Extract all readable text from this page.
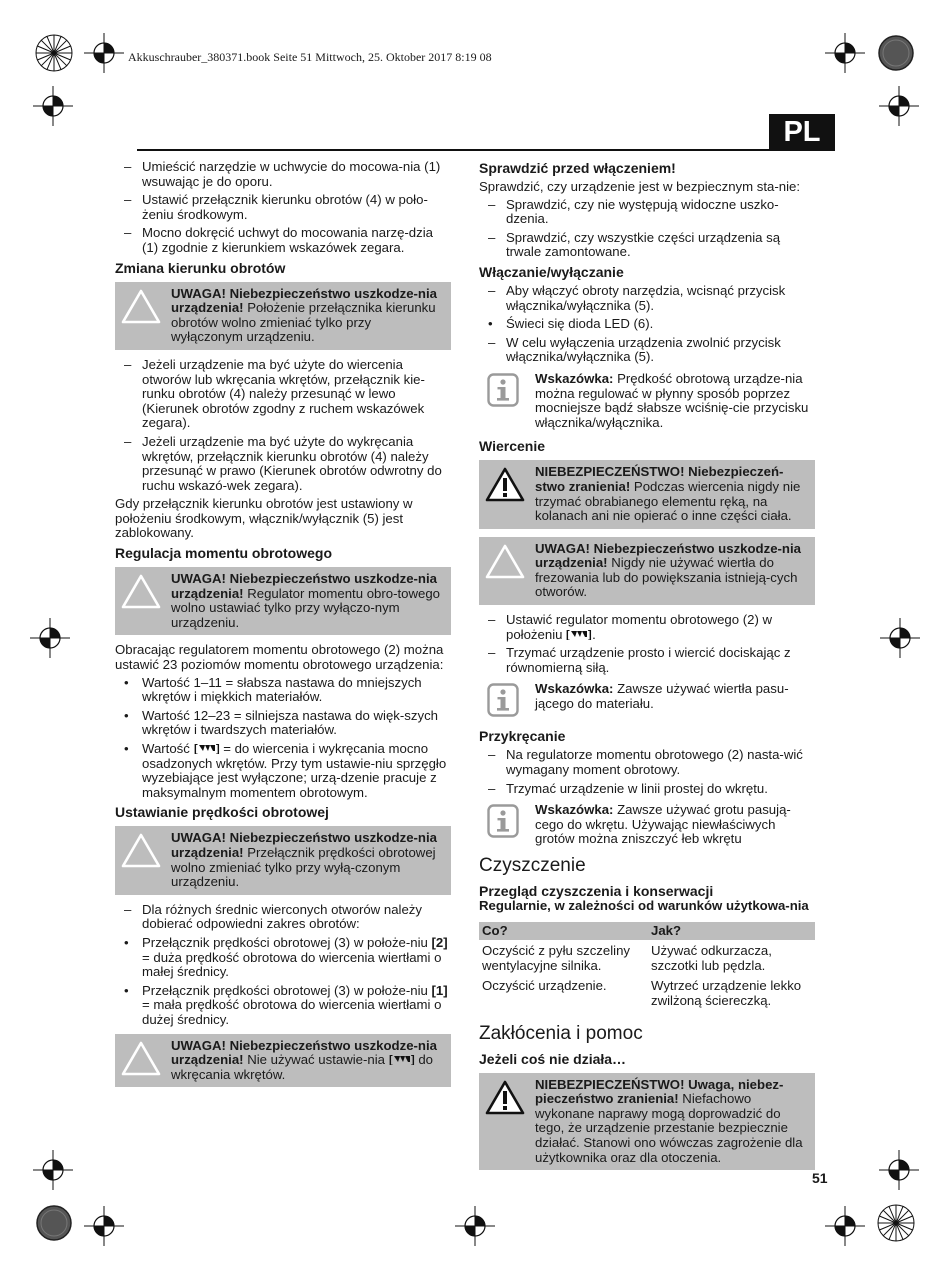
Akkuschrauber_380371.book Seite 51 Mittwoch, 25. Oktober 2017 8:19 08
PL
– Umieścić narzędzie w uchwycie do mocowa-nia (1) wsuwając je do oporu.
– Ustawić przełącznik kierunku obrotów (4) w poło-żeniu środkowym.
– Mocno dokręcić uchwyt do mocowania narzę-dzia (1) zgodnie z kierunkiem wskazówek zegara.
Zmiana kierunku obrotów
UWAGA! Niebezpieczeństwo uszkodze-nia urządzenia! Położenie przełącznika kierunku obrotów wolno zmieniać tylko przy wyłączonym urządzeniu.
– Jeżeli urządzenie ma być użyte do wiercenia otworów lub wkręcania wkrętów, przełącznik kie-runku obrotów (4) należy przesunąć w lewo (Kierunek obrotów zgodny z ruchem wskazówek zegara).
– Jeżeli urządzenie ma być użyte do wykręcania wkrętów, przełącznik kierunku obrotów (4) należy przesunąć w prawo (Kierunek obrotów odwrotny do ruchu wskazó-wek zegara).

Gdy przełącznik kierunku obrotów jest ustawiony w położeniu środkowym, włącznik/wyłącznik (5) jest zablokowany.

Regulacja momentu obrotowego
UWAGA! Niebezpieczeństwo uszkodze-nia urządzenia! Regulator momentu obro-towego wolno ustawiać tylko przy wyłączo-nym urządzeniu.

Obracając regulatorem momentu obrotowego (2) można ustawić 23 poziomów momentu obrotowego urządzenia:

• Wartość 1–11 = słabsza nastawa do mniejszych wkrętów i miękkich materiałów.
• Wartość 12–23 = silniejsza nastawa do więk-szych wkrętów i twardszych materiałów.
• Wartość  = do wiercenia i wykręcania mocno osadzonych wkrętów. Przy tym ustawie-niu sprzęgło wyzebiające jest wyłączone; urzą-dzenie pracuje z maksymalnym momentem obrotowym.
Ustawianie prędkości obrotowej
UWAGA! Niebezpieczeństwo uszkodze-nia urządzenia! Przełącznik prędkości obrotowej wolno zmieniać tylko przy wyłą-czonym urządzeniu.
– Dla różnych średnic wierconych otworów należy dobierać odpowiedni zakres obrotów:
• Przełącznik prędkości obrotowej (3) w położe-niu [2] = duża prędkość obrotowa do wiercenia wiertłami o małej średnicy.
• Przełącznik prędkości obrotowej (3) w położe-niu [1] = mała prędkość obrotowa do wiercenia wiertłami o dużej średnicy.
UWAGA! Niebezpieczeństwo uszkodze-nia urządzenia! Nie używać ustawie-nia  do wkręcania wkrętów.
Sprawdzić przed włączeniem!

Sprawdzić, czy urządzenie jest w bezpiecznym sta-nie:

– Sprawdzić, czy nie występują widoczne uszko-dzenia.
– Sprawdzić, czy wszystkie części urządzenia są trwale zamontowane.
Włączanie/wyłączanie
– Aby włączyć obroty narzędzia, wcisnąć przycisk włącznika/wyłącznika (5).
• Świeci się dioda LED (6).
– W celu wyłączenia urządzenia zwolnić przycisk włącznika/wyłącznika (5).
Wskazówka: Prędkość obrotową urządze-nia można regulować w płynny sposób poprzez mocniejsze bądź słabsze wciśnię-cie przycisku włącznika/wyłącznika.
Wiercenie
NIEBEZPIECZEŃSTWO! Niebezpieczeń-stwo zranienia! Podczas wiercenia nigdy nie trzymać obrabianego elementu ręką, na kolanach ani nie opierać o inne części ciała.
UWAGA! Niebezpieczeństwo uszkodze-nia urządzenia! Nigdy nie używać wiertła do frezowania lub do powiększania istnieją-cych otworów.
– Ustawić regulator momentu obrotowego (2) w położeniu .
– Trzymać urządzenie prosto i wiercić dociskając z równomierną siłą.
Wskazówka: Zawsze używać wiertła pasu-jącego do materiału.
Przykręcanie
– Na regulatorze momentu obrotowego (2) nasta-wić wymagany moment obrotowy.
– Trzymać urządzenie w linii prostej do wkrętu.
Wskazówka: Zawsze używać grotu pasują-cego do wkrętu. Używając niewłaściwych grotów można zniszczyć łeb wkrętu
Czyszczenie
Przegląd czyszczenia i konserwacji
Regularnie, w zależności od warunków użytkowa-nia
Co?	Jak?
Oczyścić z pyłu szczeliny wentylacyjne silnika.	Używać odkurzacza, szczotki lub pędzla.
Oczyścić urządzenie.	Wytrzeć urządzenie lekko zwilżoną ściereczką.
Zakłócenia i pomoc
Jeżeli coś nie działa…
NIEBEZPIECZEŃSTWO! Uwaga, niebez-pieczeństwo zranienia! Niefachowo wykonane naprawy mogą doprowadzić do tego, że urządzenie przestanie bezpiecznie działać. Stanowi ono wówczas zagrożenie dla użytkownika oraz dla otoczenia.
51
